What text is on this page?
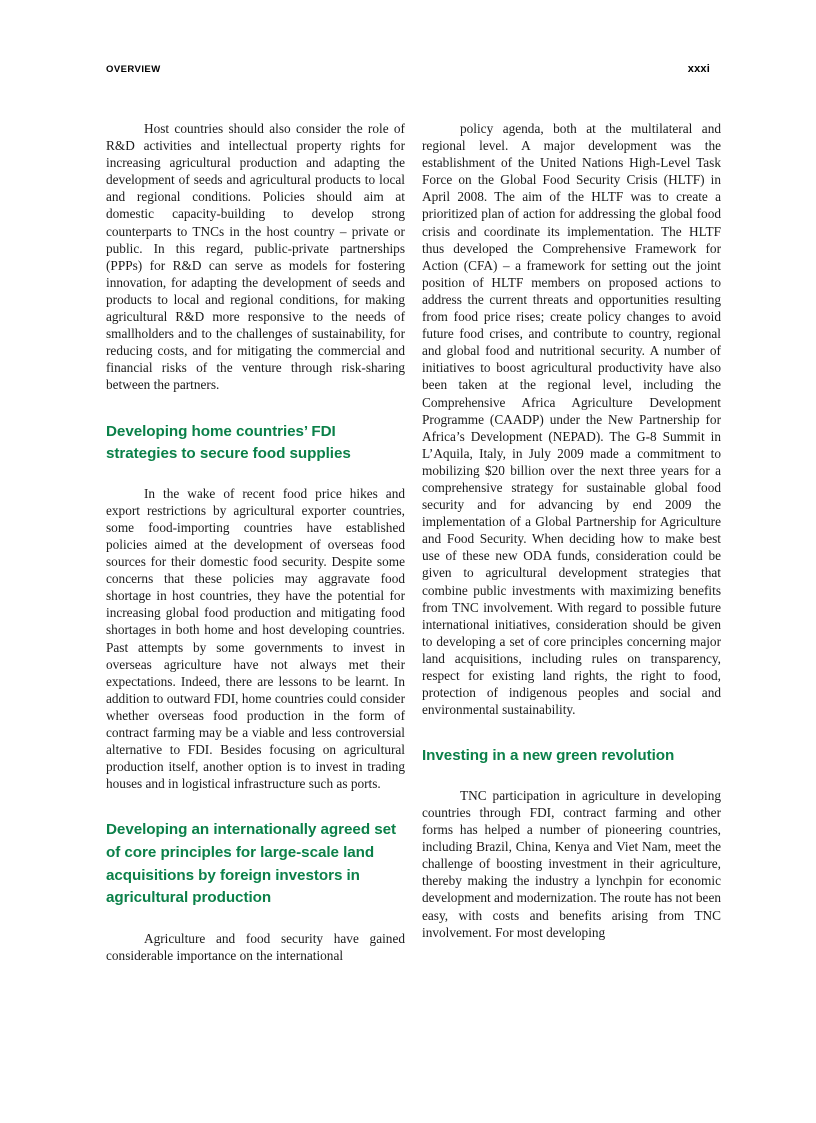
OVERVIEW	xxxi

Host countries should also consider the role of R&D activities and intellectual property rights for increasing agricultural production and adapting the development of seeds and agricultural products to local and regional conditions. Policies should aim at domestic capacity-building to develop strong counterparts to TNCs in the host country – private or public. In this regard, public-private partnerships (PPPs) for R&D can serve as models for fostering innovation, for adapting the development of seeds and products to local and regional conditions, for making agricultural R&D more responsive to the needs of smallholders and to the challenges of sustainability, for reducing costs, and for mitigating the commercial and financial risks of the venture through risk-sharing between the partners.

Developing home countries’ FDI strategies to secure food supplies

In the wake of recent food price hikes and export restrictions by agricultural exporter countries, some food-importing countries have established policies aimed at the development of overseas food sources for their domestic food security. Despite some concerns that these policies may aggravate food shortage in host countries, they have the potential for increasing global food production and mitigating food shortages in both home and host developing countries. Past attempts by some governments to invest in overseas agriculture have not always met their expectations. Indeed, there are lessons to be learnt. In addition to outward FDI, home countries could consider whether overseas food production in the form of contract farming may be a viable and less controversial alternative to FDI. Besides focusing on agricultural production itself, another option is to invest in trading houses and in logistical infrastructure such as ports.

Developing an internationally agreed set of core principles for large-scale land acquisitions by foreign investors in agricultural production

Agriculture and food security have gained considerable importance on the international

policy agenda, both at the multilateral and regional level. A major development was the establishment of the United Nations High-Level Task Force on the Global Food Security Crisis (HLTF) in April 2008. The aim of the HLTF was to create a prioritized plan of action for addressing the global food crisis and coordinate its implementation. The HLTF thus developed the Comprehensive Framework for Action (CFA) – a framework for setting out the joint position of HLTF members on proposed actions to address the current threats and opportunities resulting from food price rises; create policy changes to avoid future food crises, and contribute to country, regional and global food and nutritional security. A number of initiatives to boost agricultural productivity have also been taken at the regional level, including the Comprehensive Africa Agriculture Development Programme (CAADP) under the New Partnership for Africa’s Development (NEPAD). The G-8 Summit in L’Aquila, Italy, in July 2009 made a commitment to mobilizing $20 billion over the next three years for a comprehensive strategy for sustainable global food security and for advancing by end 2009 the implementation of a Global Partnership for Agriculture and Food Security. When deciding how to make best use of these new ODA funds, consideration could be given to agricultural development strategies that combine public investments with maximizing benefits from TNC involvement. With regard to possible future international initiatives, consideration should be given to developing a set of core principles concerning major land acquisitions, including rules on transparency, respect for existing land rights, the right to food, protection of indigenous peoples and social and environmental sustainability.

Investing in a new green revolution

TNC participation in agriculture in developing countries through FDI, contract farming and other forms has helped a number of pioneering countries, including Brazil, China, Kenya and Viet Nam, meet the challenge of boosting investment in their agriculture, thereby making the industry a lynchpin for economic development and modernization. The route has not been easy, with costs and benefits arising from TNC involvement. For most developing
